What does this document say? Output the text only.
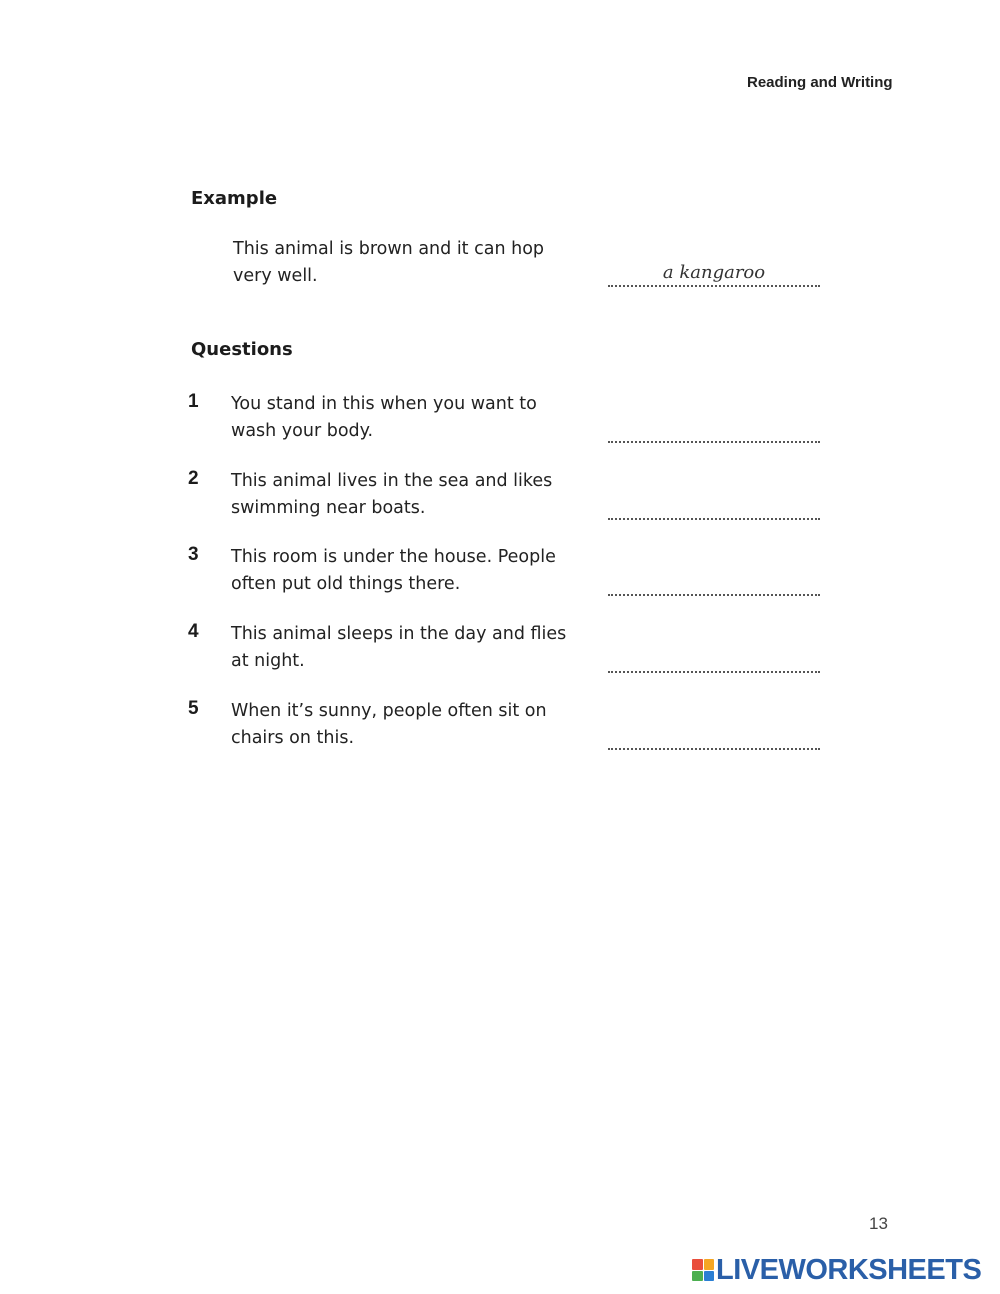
Reading and Writing
Example
This animal is brown and it can hop
very well.	a kangaroo
Questions
1 You stand in this when you want to
wash your body.
2 This animal lives in the sea and likes
swimming near boats.
3 This room is under the house. People
often put old things there.
4 This animal sleeps in the day and flies
at night.
5 When it’s sunny, people often sit on
chairs on this.
13
LIVEWORKSHEETS
